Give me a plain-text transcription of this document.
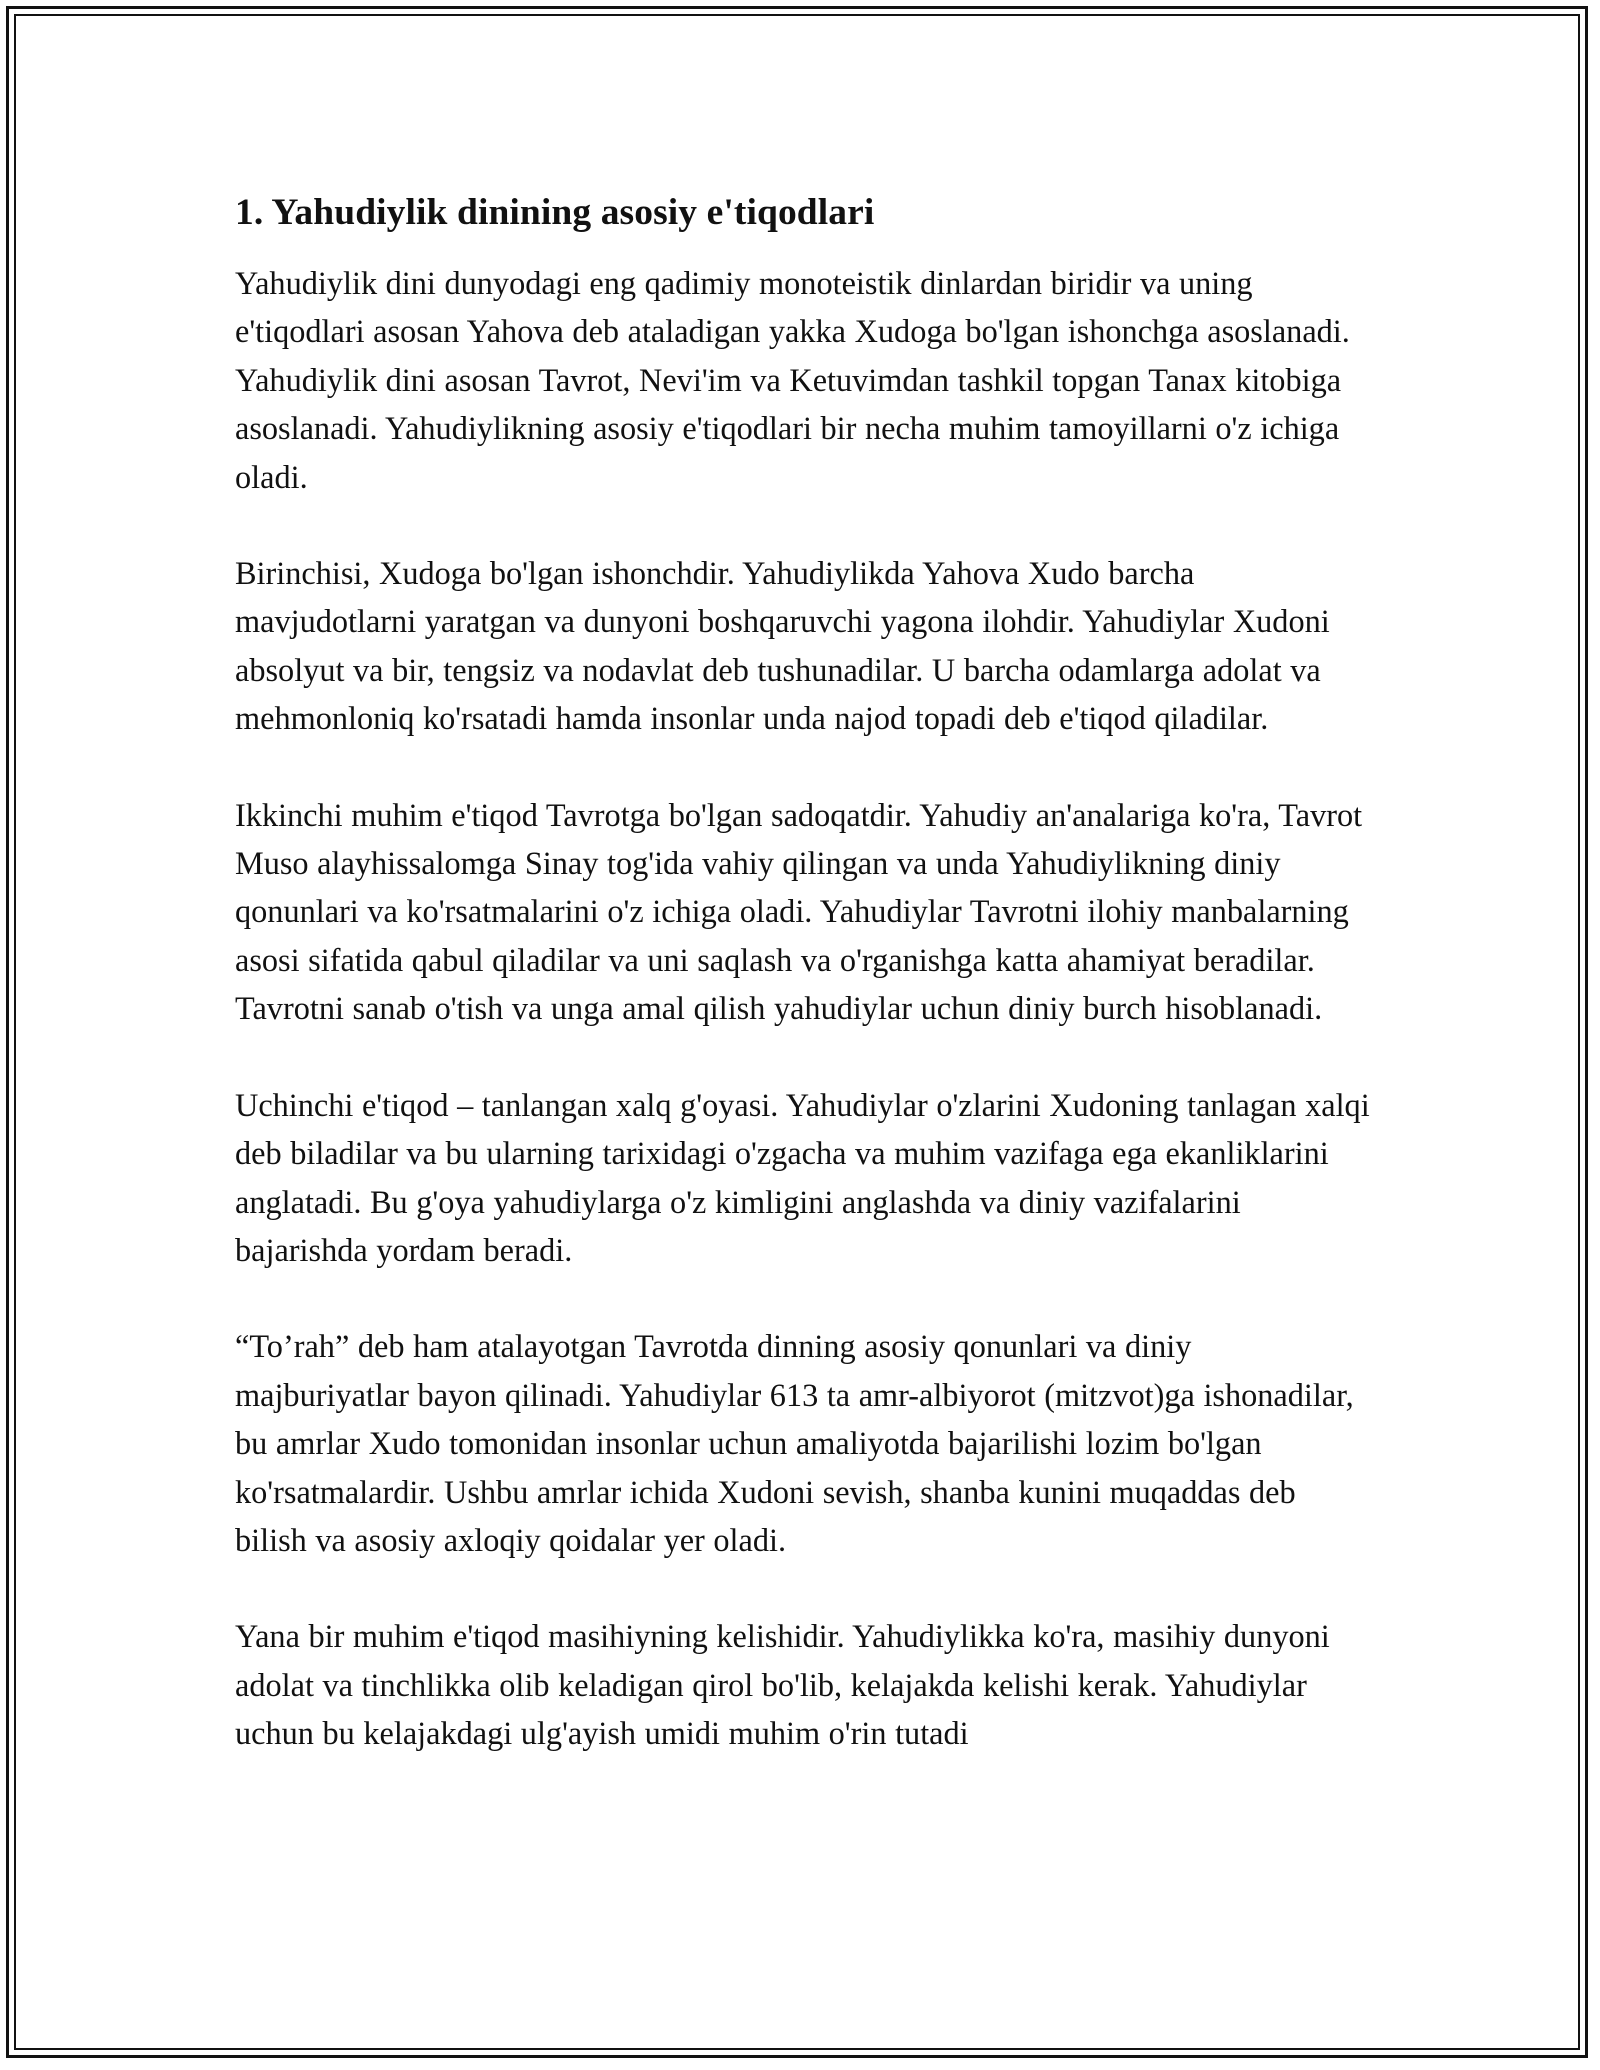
1. Yahudiylik dinining asosiy e'tiqodlari

Yahudiylik dini dunyodagi eng qadimiy monoteistik dinlardan biridir va uning e'tiqodlari asosan Yahova deb ataladigan yakka Xudoga bo'lgan ishonchga asoslanadi. Yahudiylik dini asosan Tavrot, Nevi'im va Ketuvimdan tashkil topgan Tanax kitobiga asoslanadi. Yahudiylikning asosiy e'tiqodlari bir necha muhim tamoyillarni o'z ichiga oladi.

Birinchisi, Xudoga bo'lgan ishonchdir. Yahudiylikda Yahova Xudo barcha mavjudotlarni yaratgan va dunyoni boshqaruvchi yagona ilohdir. Yahudiylar Xudoni absolyut va bir, tengsiz va nodavlat deb tushunadilar. U barcha odamlarga adolat va mehmonloniq ko'rsatadi hamda insonlar unda najod topadi deb e'tiqod qiladilar.

Ikkinchi muhim e'tiqod Tavrotga bo'lgan sadoqatdir. Yahudiy an'analariga ko'ra, Tavrot Muso alayhissalomga Sinay tog'ida vahiy qilingan va unda Yahudiylikning diniy qonunlari va ko'rsatmalarini o'z ichiga oladi. Yahudiylar Tavrotni ilohiy manbalarning asosi sifatida qabul qiladilar va uni saqlash va o'rganishga katta ahamiyat beradilar. Tavrotni sanab o'tish va unga amal qilish yahudiylar uchun diniy burch hisoblanadi.

Uchinchi e'tiqod – tanlangan xalq g'oyasi. Yahudiylar o'zlarini Xudoning tanlagan xalqi deb biladilar va bu ularning tarixidagi o'zgacha va muhim vazifaga ega ekanliklarini anglatadi. Bu g'oya yahudiylarga o'z kimligini anglashda va diniy vazifalarini bajarishda yordam beradi.

“To’rah” deb ham atalayotgan Tavrotda dinning asosiy qonunlari va diniy majburiyatlar bayon qilinadi. Yahudiylar 613 ta amr-albiyorot (mitzvot)ga ishonadilar, bu amrlar Xudo tomonidan insonlar uchun amaliyotda bajarilishi lozim bo'lgan ko'rsatmalardir. Ushbu amrlar ichida Xudoni sevish, shanba kunini muqaddas deb bilish va asosiy axloqiy qoidalar yer oladi.

Yana bir muhim e'tiqod masihiyning kelishidir. Yahudiylikka ko'ra, masihiy dunyoni adolat va tinchlikka olib keladigan qirol bo'lib, kelajakda kelishi kerak. Yahudiylar uchun bu kelajakdagi ulg'ayish umidi muhim o'rin tutadi
